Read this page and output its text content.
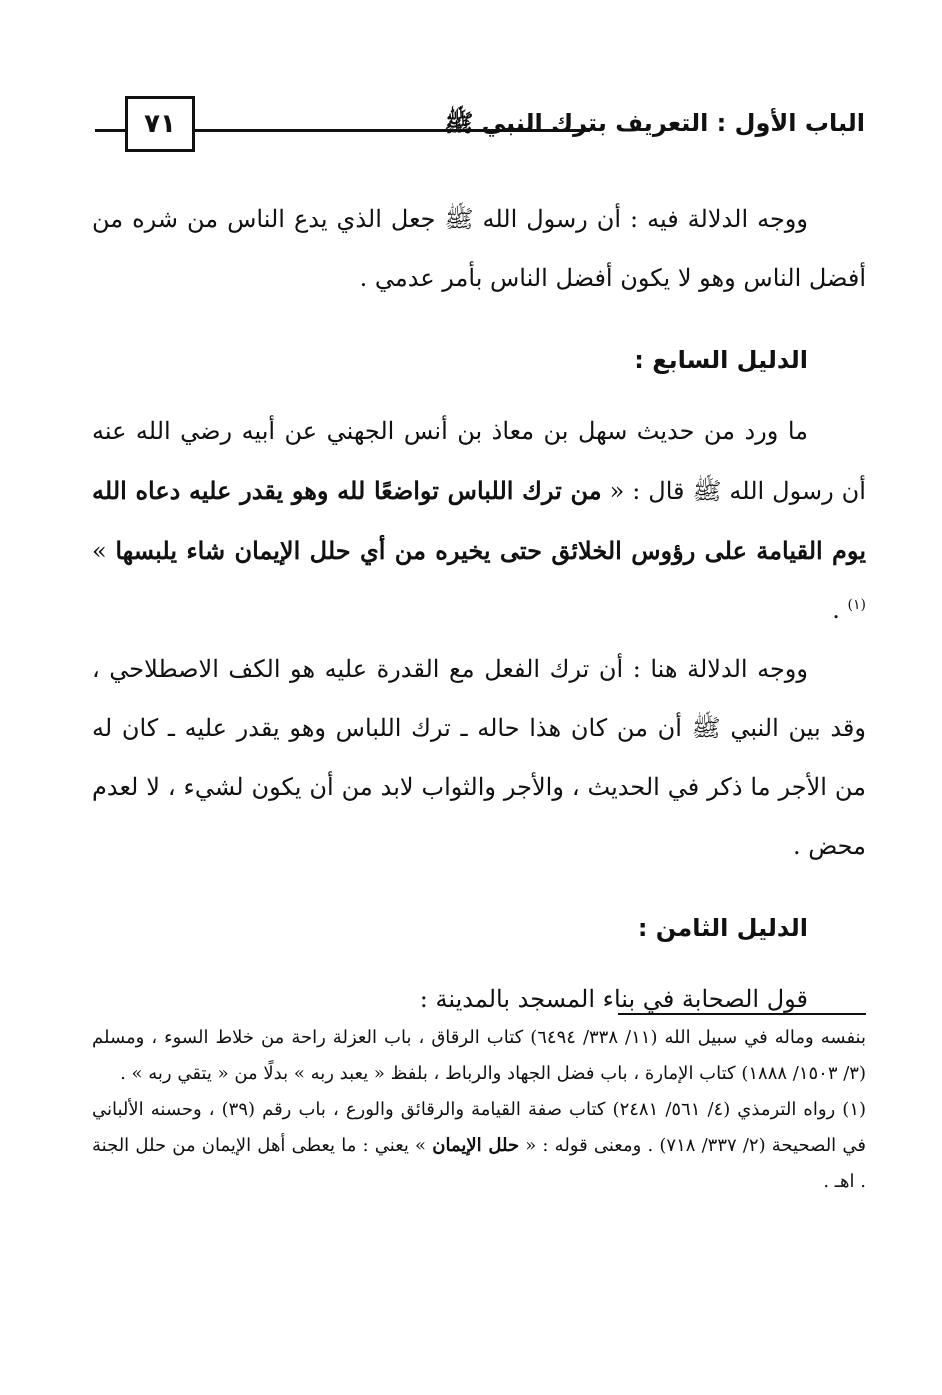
٧١	الباب الأول : التعريف بترك النبي ﷺ

ووجه الدلالة فيه : أن رسول الله ﷺ جعل الذي يدع الناس من شره من أفضل الناس وهو لا يكون أفضل الناس بأمر عدمي .

الدليل السابع :

ما ورد من حديث سهل بن معاذ بن أنس الجهني عن أبيه رضي الله عنه أن رسول الله ﷺ قال : « من ترك اللباس تواضعًا لله وهو يقدر عليه دعاه الله يوم القيامة على رؤوس الخلائق حتى يخيره من أي حلل الإيمان شاء يلبسها » $^{(١)}$ .

ووجه الدلالة هنا : أن ترك الفعل مع القدرة عليه هو الكف الاصطلاحي ، وقد بين النبي ﷺ أن من كان هذا حاله ـ ترك اللباس وهو يقدر عليه ـ كان له من الأجر ما ذكر في الحديث ، والأجر والثواب لابد من أن يكون لشيء ، لا لعدم محض .

الدليل الثامن :

قول الصحابة في بناء المسجد بالمدينة :

بنفسه وماله في سبيل الله (١١/ ٣٣٨/ ٦٤٩٤) كتاب الرقاق ، باب العزلة راحة من خلاط السوء ، ومسلم (٣/ ١٥٠٣/ ١٨٨٨) كتاب الإمارة ، باب فضل الجهاد والرباط ، بلفظ « يعبد ربه » بدلًا من « يتقي ربه » .

(١) رواه الترمذي (٤/ ٥٦١/ ٢٤٨١) كتاب صفة القيامة والرقائق والورع ، باب رقم (٣٩) ، وحسنه الألباني في الصحيحة (٢/ ٣٣٧/ ٧١٨) . ومعنى قوله : « حلل الإيمان » يعني : ما يعطى أهل الإيمان من حلل الجنة . اهـ .
